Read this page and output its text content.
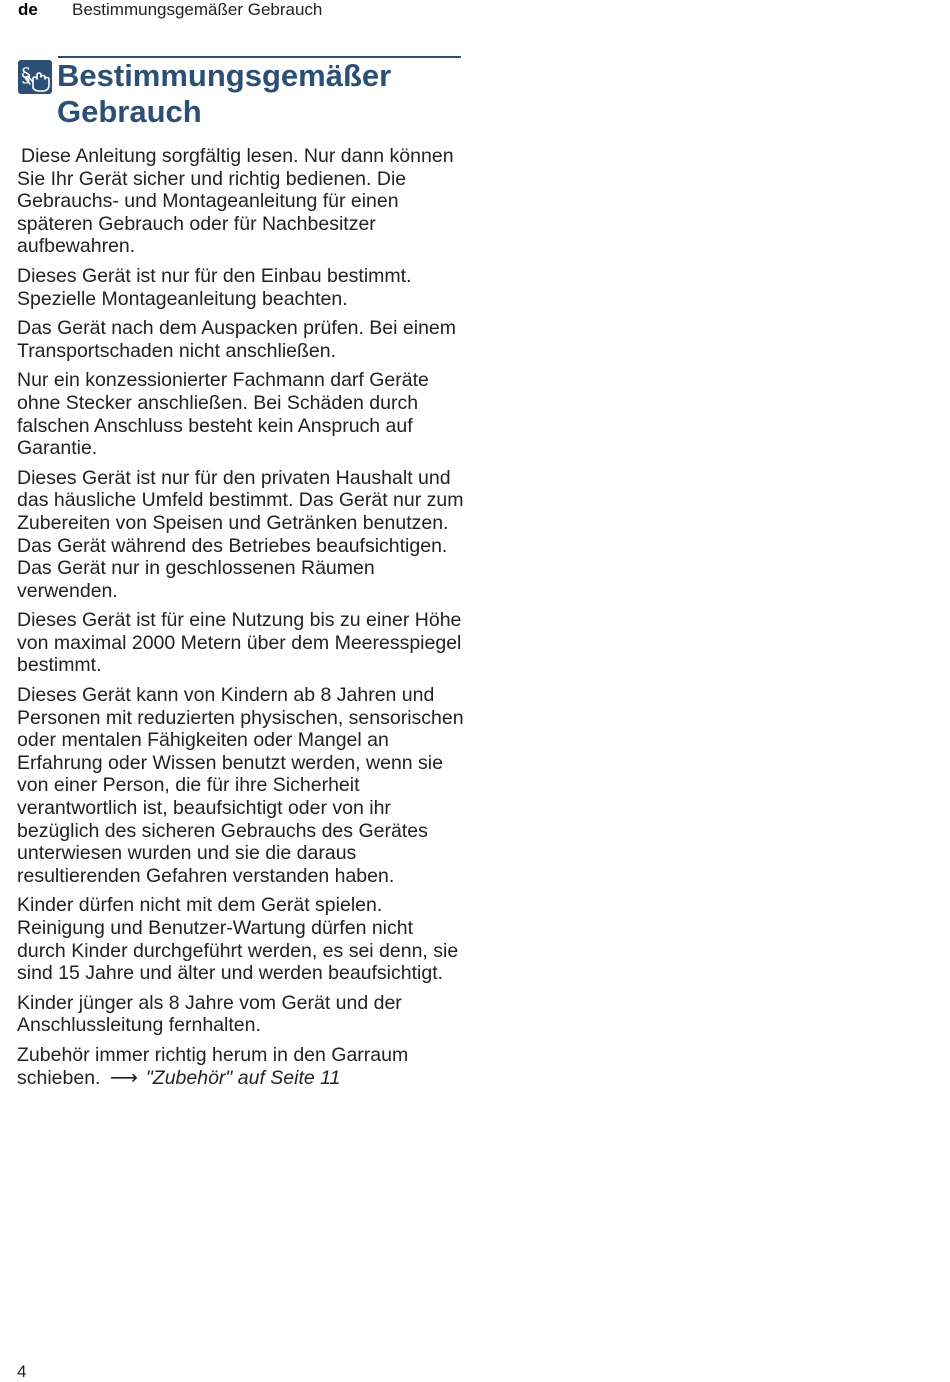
de Bestimmungsgemäßer Gebrauch
§ Bestimmungsgemäßer
Gebrauch

Diese Anleitung sorgfältig lesen. Nur dann können Sie Ihr Gerät sicher und richtig bedienen. Die Gebrauchs- und Montageanleitung für einen späteren Gebrauch oder für Nachbesitzer aufbewahren.

Dieses Gerät ist nur für den Einbau bestimmt. Spezielle Montageanleitung beachten.

Das Gerät nach dem Auspacken prüfen. Bei einem Transportschaden nicht anschließen.

Nur ein konzessionierter Fachmann darf Geräte ohne Stecker anschließen. Bei Schäden durch falschen Anschluss besteht kein Anspruch auf Garantie.

Dieses Gerät ist nur für den privaten Haushalt und das häusliche Umfeld bestimmt. Das Gerät nur zum Zubereiten von Speisen und Getränken benutzen. Das Gerät während des Betriebes beaufsichtigen. Das Gerät nur in geschlossenen Räumen verwenden.

Dieses Gerät ist für eine Nutzung bis zu einer Höhe von maximal 2000 Metern über dem Meeresspiegel bestimmt.

Dieses Gerät kann von Kindern ab 8 Jahren und Personen mit reduzierten physischen, sensorischen oder mentalen Fähigkeiten oder Mangel an Erfahrung oder Wissen benutzt werden, wenn sie von einer Person, die für ihre Sicherheit verantwortlich ist, beaufsichtigt oder von ihr bezüglich des sicheren Gebrauchs des Gerätes unterwiesen wurden und sie die daraus resultierenden Gefahren verstanden haben.

Kinder dürfen nicht mit dem Gerät spielen. Reinigung und Benutzer-Wartung dürfen nicht durch Kinder durchgeführt werden, es sei denn, sie sind 15 Jahre und älter und werden beaufsichtigt.

Kinder jünger als 8 Jahre vom Gerät und der Anschlussleitung fernhalten.

Zubehör immer richtig herum in den Garraum schieben. ⟶ "Zubehör" auf Seite 11

4
